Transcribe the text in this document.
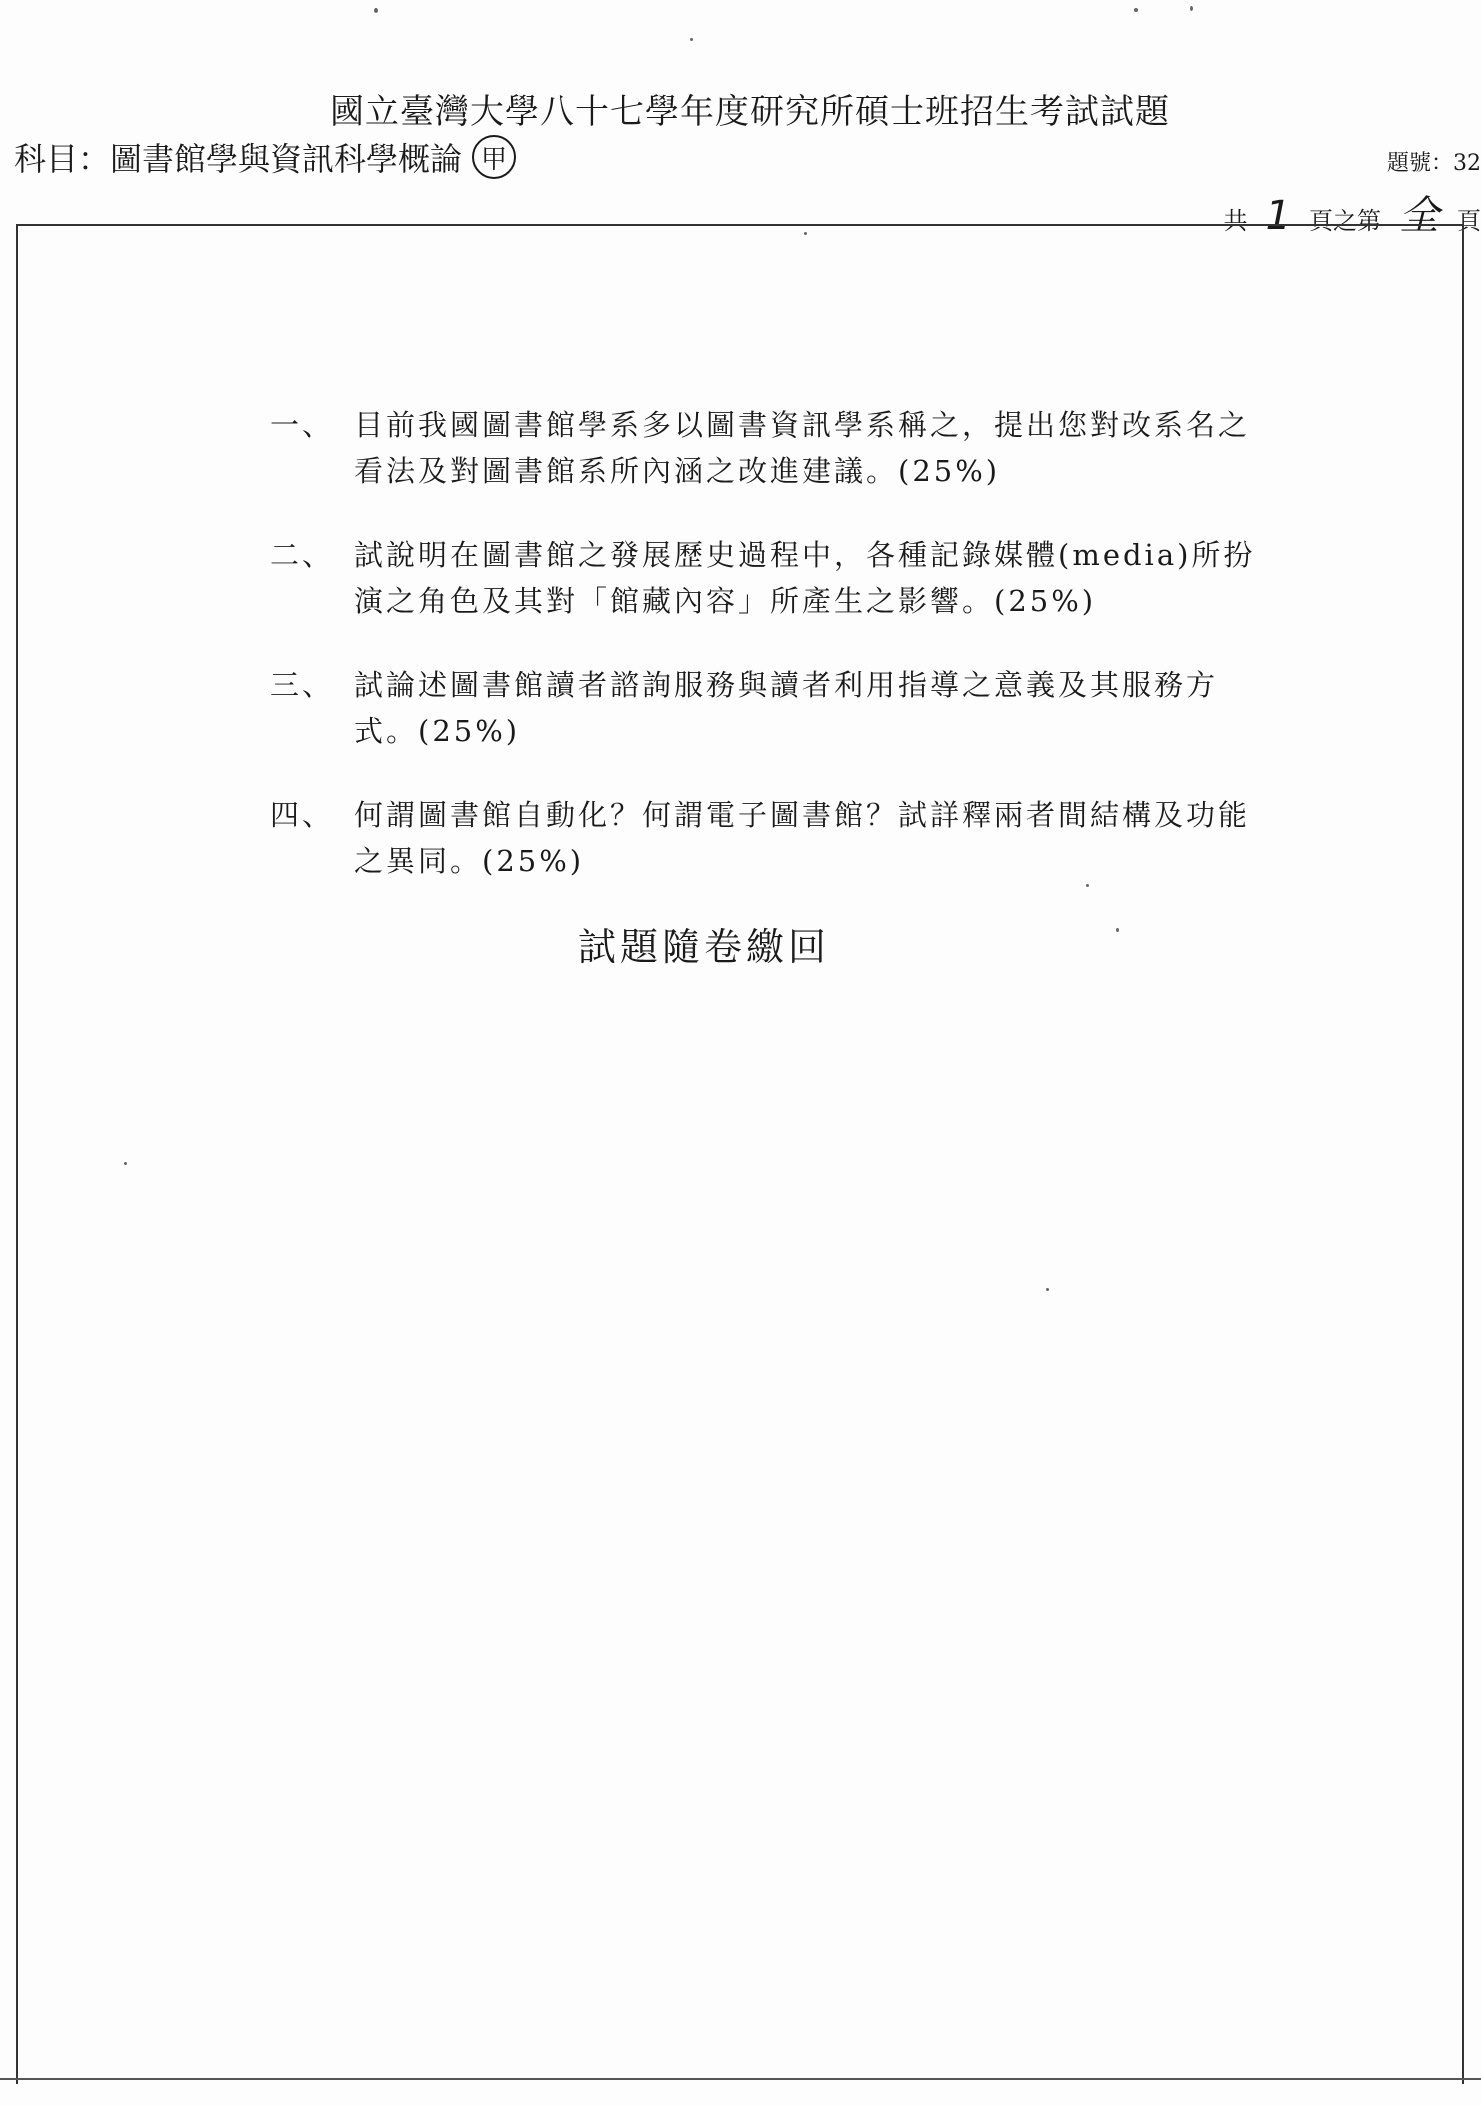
國立臺灣大學八十七學年度研究所碩士班招生考試試題
科目：圖書館學與資訊科學概論 甲	題號：32
共 1 頁之第 全 頁
一、 目前我國圖書館學系多以圖書資訊學系稱之，提出您對改系名之看法及對圖書館系所內涵之改進建議。(25%)
二、 試說明在圖書館之發展歷史過程中，各種記錄媒體(media)所扮演之角色及其對「館藏內容」所產生之影響。(25%)
三、 試論述圖書館讀者諮詢服務與讀者利用指導之意義及其服務方式。(25%)
四、 何謂圖書館自動化？何謂電子圖書館？試詳釋兩者間結構及功能之異同。(25%)
試題隨卷繳回
